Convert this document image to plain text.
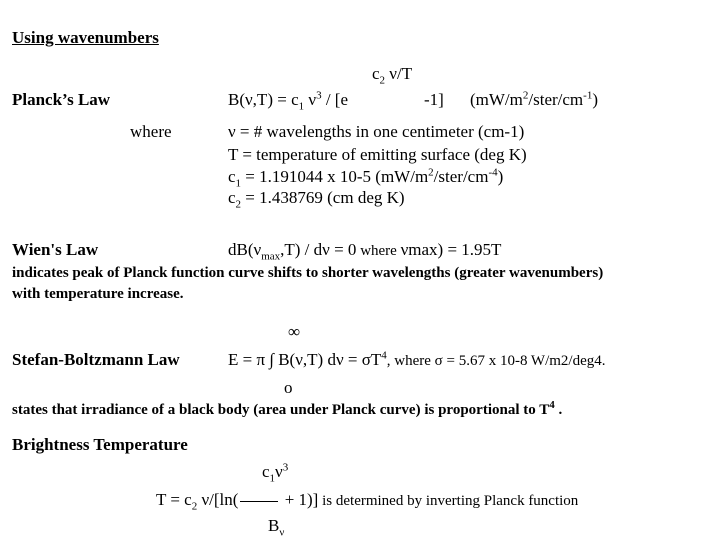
Using wavenumbers
Planck’s Law
$c_2$ ν/T
$B(\nu,T) = c_1$ $\nu^3 / [e$	-1] $(mW/m^2/ster/cm^{-1})$
where	ν = # wavelengths in one centimeter (cm-1)
T = temperature of emitting surface (deg K)
$c_1 = 1.191044$ x 10-5 $(mW/m^2/ster/cm^{-4})$
$c_2 = 1.438769$ (cm deg K)
Wien's Law	$dB(\nu_{max},T) / d\nu = 0$ where νmax) = 1.95T
indicates peak of Planck function curve shifts to shorter wavelengths (greater wavenumbers)
with temperature increase.
∞
Stefan-Boltzmann Law	E = π ∫ B(ν,T) $d\nu = \sigma T^4$, where σ = 5.67 x 10-8 W/m2/deg4.
o
states that irradiance of a black body (area under Planck curve) is proportional to $T^4$ .
Brightness Temperature
$c_1\nu^3$
$T = c_2$ ν/[ln( + 1)] is determined by inverting Planck function
$B_\nu$
